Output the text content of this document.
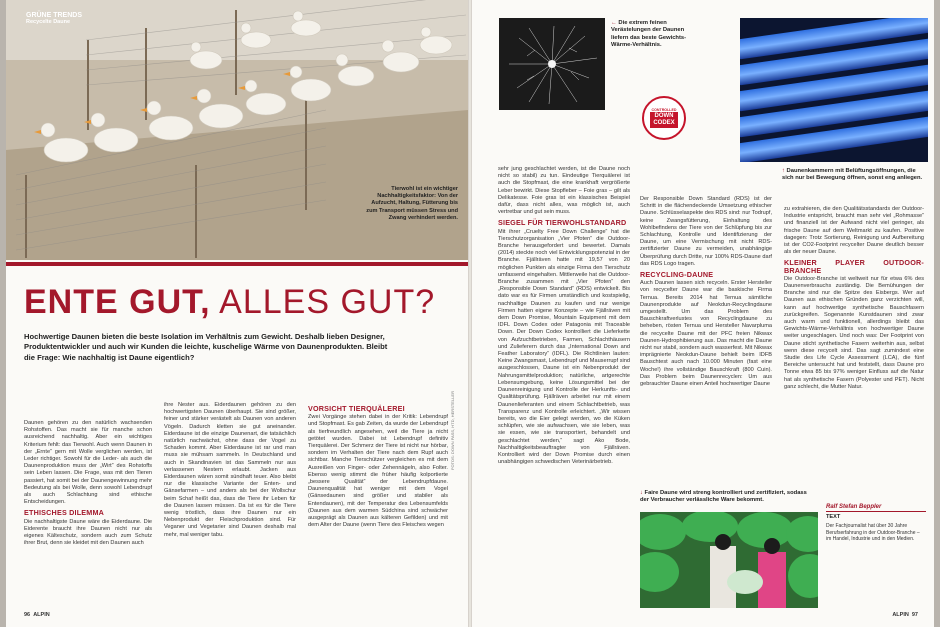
GRÜNE TRENDS
Recycelte Daune
Tierwohl ist ein wichtiger Nachhaltigkeitsfaktor: Von der Aufzucht, Haltung, Fütterung bis zum Transport müssen Stress und Zwang verhindert werden.
ENTE GUT, ALLES GUT?
Hochwertige Daunen bieten die beste Isolation im Verhältnis zum Gewicht. Deshalb lieben Designer, Produktentwickler und auch wir Kunden die leichte, kuschelige Wärme von Daunenprodukten. Bleibt die Frage: Wie nachhaltig ist Daune eigentlich?

Daunen gehören zu den natürlich wachsenden Rohstoffen. Das macht sie für manche schon ausreichend nachhaltig. Aber ein wichtiges Kriterium fehlt: das Tierwohl. Auch wenn Daunen in der „Ernte“ gern mit Wolle verglichen werden, ist Leder richtiger. Sowohl für die Leder- als auch die Daunenproduktion muss der „Wirt“ des Rohstoffs sein Leben lassen. Die Frage, was mit den Tieren passiert, hat somit bei der Daunengewinnung mehr Bedeutung als bei Wolle, denn sowohl Lebendrupf als auch Schlachtung sind ethische Entscheidungen.

ETHISCHES DILEMMA

Die nachhaltigste Daune wäre die Eiderdaune. Die Eiderente braucht ihre Daunen nicht nur als eigenes Kälteschutz, sondern auch zum Schutz ihrer Brut, denn sie kleidet mit den Daunen auch

ihre Nester aus. Eiderdaunen gehören zu den hochwertigsten Daunen überhaupt. Sie sind größer, feiner und stärker verästelt als Daunen von anderen Vögeln. Dadurch kletten sie gut aneinander. Eiderdaune ist die einzige Daunenart, die tatsächlich natürlich nachwächst, ohne dass der Vogel zu Schaden kommt. Aber Eiderdaune ist rar und man muss sie mühsam sammeln. In Deutschland und auch in Skandinavien ist das Sammeln nur aus verlassenen Nestern erlaubt. Jacken aus Eiderdaunen wären somit sündhaft teuer. Also bleibt nur die klassische Variante der Enten- und Gänsefarmen – und anders als bei der Wollschur beim Schaf heißt das, dass die Tiere ihr Leben für die Daunen lassen müssen. Da ist es für die Tiere wenig tröstlich, dass ihre Daunen nur ein Nebenprodukt der Fleischproduktion sind. Für Veganer und Vegetarier sind Daunen deshalb mal mehr, mal weniger tabu.

VORSICHT TIERQUÄLEREI

Zwei Vorgänge stehen dabei in der Kritik: Lebendrupf und Stopfmast. Es gab Zeiten, da wurde der Lebendrupf als tierfreundlich angesehen, weil die Tiere ja nicht getötet wurden. Dabei ist Lebendrupf definitiv Tierquälerei. Der Schmerz der Tiere ist nicht nur hörbar, sondern im Verhalten der Tiere nach dem Rupf auch sichtbar. Manche Tierschützer vergleichen es mit dem Ausreißen von Finger- oder Zehennägeln, also Folter. Ebenso wenig stimmt die früher häufig kolportierte „bessere Qualität“ der Lebendrupfdaune. Daunenqualität hat weniger mit dem Vogel (Gänsedaunen sind größer und stabiler als Entendaunen), mit der Temperatur des Lebensumfelds (Daunen aus dem warmen Südchina sind schwächer ausgeprägt als Daunen aus kälteren Gefilden) und mit dem Alter der Daune (wenn Tiere des Fleisches wegen

FOTOS: DOWN PASS, HTD, HERSTELLER
96 ALPIN
← Die extrem feinen Verästelungen der Daunen liefern das beste Gewichts-Wärme-Verhältnis.
CONTROLLED
DOWN
CODEX
↑ Daunenkammern mit Belüftungsöffnungen, die sich nur bei Bewegung öffnen, sonst eng anliegen.

sehr jung geschlachtet werden, ist die Daune noch nicht so stabil) zu tun. Eindeutige Tierquälerei ist auch die Stopfmast, die eine krankhaft vergrößerte Leber bewirkt. Diese Stopfleber – Foie gras – gilt als Delikatesse. Foie gras ist ein klassisches Beispiel dafür, dass nicht alles, was möglich ist, auch vertretbar und gut sein muss.

SIEGEL FÜR TIERWOHLSTANDARD

Mit ihrer „Cruelty Free Down Challenge“ hat die Tierschutzorganisation „Vier Pfoten“ die Outdoor-Branche herausgefordert und bewertet. Damals (2014) steckte noch viel Entwicklungspotenzial in der Branche. Fjällräven hatte mit 19,57 von 20 möglichen Punkten als einzige Firma den Tierschutz umfassend eingehalten. Mittlerweile hat die Outdoor-Branche zusammen mit „Vier Pfoten“ den „Responsible Down Standard“ (RDS) entwickelt. Bis dato war es für Firmen umständlich und kostspielig, nachhaltige Daunen zu kaufen und nur wenige Firmen hatten eigene Konzepte – wie Fjällräven mit dem Down Promise, Mountain Equipment mit dem IDFL Down Codex oder Patagonia mit Traceable Down. Der Down Codex kontrolliert die Lieferkette von Aufzuchtbetrieben, Farmen, Schlachthäusern und Zulieferern durch das „International Down and Feather Laboratory“ (IDFL). Die Richtlinien lauten: Keine Zwangsmast, Lebendrupf und Mauserrupf sind ausgeschlossen, Daune ist ein Nebenprodukt der Nahrungsmittelproduktion; natürliche, artgerechte Lebensumgebung, keine Lösungsmittel bei der Daunenreinigung und Kontrolle der Herkunfts- und Qualitätsprüfung. Fjällräven arbeitet nur mit einem Daunenlieferanten und einem Schlachtbetrieb, was Transparenz und Kontrolle erleichtert. „Wir wissen bereits, wo die Eier gelegt werden, wo die Küken schlüpfen, wie sie aufwachsen, wie sie leben, was sie essen, wie sie transportiert, behandelt und geschlachtet werden,“ sagt Ako Bode, Nachhaltigkeitsbeauftragter von Fjällräven. Kontrolliert wird der Down Promise durch einen unabhängigen schwedischen Veterinärbetrieb.

Der Responsible Down Standard (RDS) ist der Schritt in die flächendeckende Umsetzung ethischer Daune. Schlüsselaspekte des RDS sind: nur Todrupf, keine Zwangsfütterung, Einhaltung des Wohlbefindens der Tiere von der Schlüpfung bis zur Schlachtung, Kontrolle und Identifizierung der Daune, um eine Vermischung mit nicht RDS-zertifizierter Daune zu vermeiden, unabhängige Überprüfung durch Dritte, nur 100% RDS-Daune darf das RDS Logo tragen.

RECYCLING-DAUNE

Auch Daunen lassen sich recyceln. Erster Hersteller von recycelter Daune war die baskische Firma Ternua. Bereits 2014 hat Ternua sämtliche Daunenprodukte auf Neokdun-Recyclingdaune umgestellt. Um das Problem des Bauschkraftverlustes von Recyclingdaune zu beheben, rösten Ternua und Hersteller Navarpluma die recycelte Daune mit der PFC freien Nikwax Daunen-Hydrophibierung aus. Das macht die Daune nicht nur stabil, sondern auch wasserfest. Mit Nikwax imprägnierte Neokdun-Daune behielt beim IDFB Bauschtest auch nach 10.000 Minuten (fast eine Woche!) ihre vollständige Bauschkraft (800 Cuin). Das Problem beim Daunenrecyclen: Um aus gebrauchter Daune einen Anteil hochwertiger Daune

zu extrahieren, die den Qualitätsstandards der Outdoor-Industrie entspricht, braucht man sehr viel „Rohmasse“ und finanziell ist der Aufwand nicht viel geringer, als frische Daune auf dem Weltmarkt zu kaufen. Positive dagegen: Trotz Sortierung, Reinigung und Aufbereitung ist der CO2-Footprint recycelter Daune deutlich besser als der neuer Daune.

KLEINER PLAYER OUTDOOR-BRANCHE

Die Outdoor-Branche ist weltweit nur für etwa 6% des Daunenverbrauchs zuständig. Die Bemühungen der Branche sind nur die Spitze des Eisbergs. Wer auf Daunen aus ethischen Gründen ganz verzichten will, kann auf hochwertige synthetische Bauschfasern zurückgreifen. Sogenannte Kunstdaunen sind zwar auch warm und funktionell, allerdings bleibt das Gewichts-Wärme-Verhältnis von hochwertiger Daune weiter ungeschlagen. Und noch was: Der Footprint von Daune sticht synthetische Fasern weiterhin aus, selbst wenn diese recycelt sind. Das sagt zumindest eine Studie des Life Cycle Assessment (LCA), die fünf Bereiche untersucht hat und feststellt, dass Daune pro Tonne etwa 85 bis 97% weniger Einfluss auf die Natur hat als synthetische Fasern (Polyester und PET). Nicht ganz schlecht, die Mutter Natur.

↓ Faire Daune wird streng kontrolliert und zertifiziert, sodass der Verbraucher verlässliche Ware bekommt.
Ralf Stefan Beppler
TEXT
Der Fachjournalist hat über 30 Jahre Berufserfahrung in der Outdoor-Branche – im Handel, Industrie und in den Medien.
ALPIN 97
